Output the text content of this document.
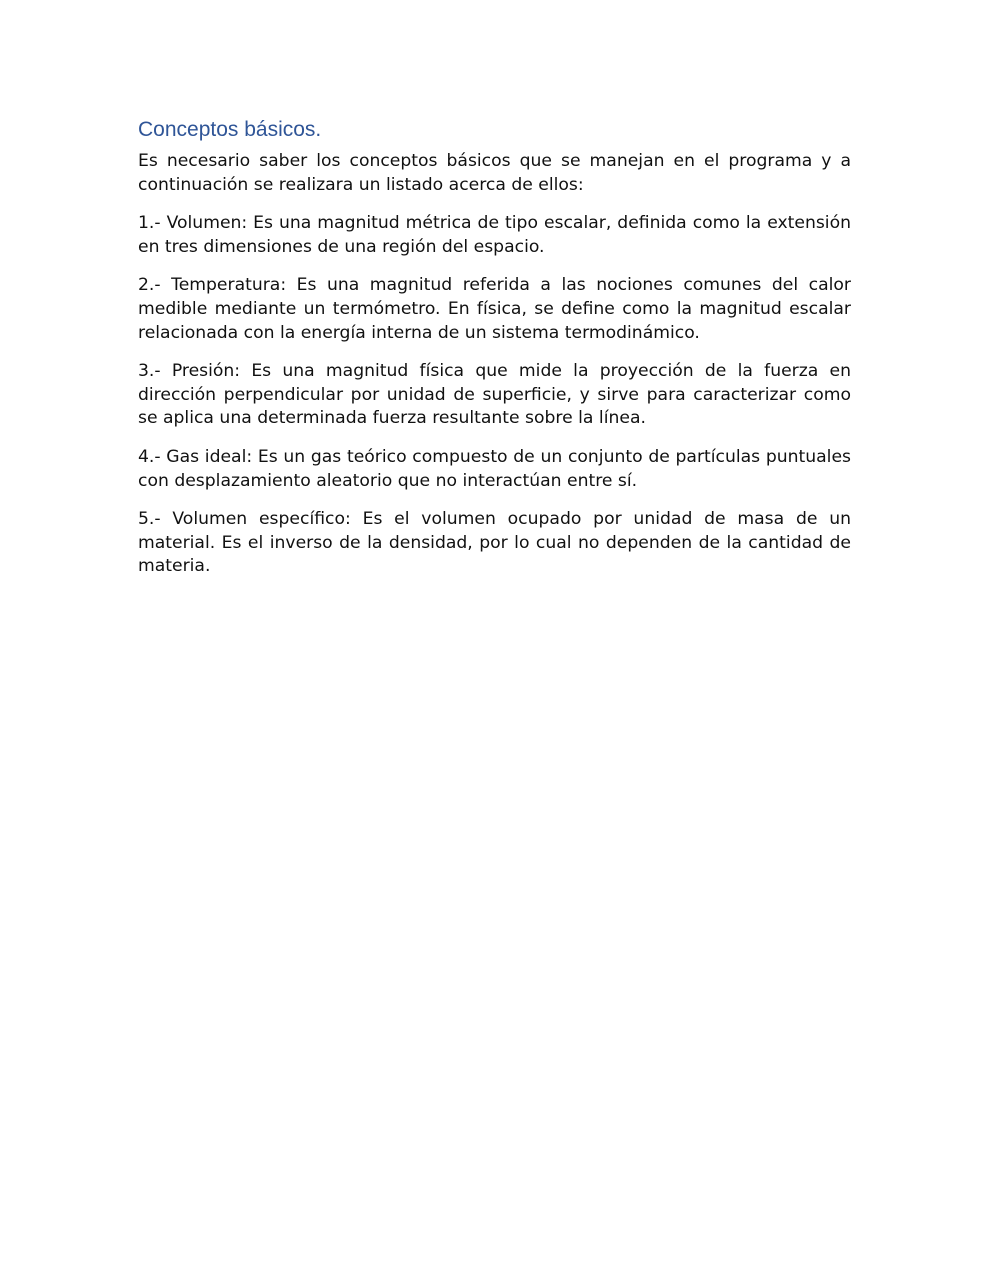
Conceptos básicos.

Es necesario saber los conceptos básicos que se manejan en el programa y a continuación se realizara un listado acerca de ellos:

1.- Volumen: Es una magnitud métrica de tipo escalar, definida como la extensión en tres dimensiones de una región del espacio.

2.- Temperatura: Es una magnitud referida a las nociones comunes del calor medible mediante un termómetro. En física, se define como la magnitud escalar relacionada con la energía interna de un sistema termodinámico.

3.- Presión: Es una magnitud física que mide la proyección de la fuerza en dirección perpendicular por unidad de superficie, y sirve para caracterizar como se aplica una determinada fuerza resultante sobre la línea.

4.- Gas ideal: Es un gas teórico compuesto de un conjunto de partículas puntuales con desplazamiento aleatorio que no interactúan entre sí.

5.- Volumen específico: Es el volumen ocupado por unidad de masa de un material. Es el inverso de la densidad, por lo cual no dependen de la cantidad de materia.
